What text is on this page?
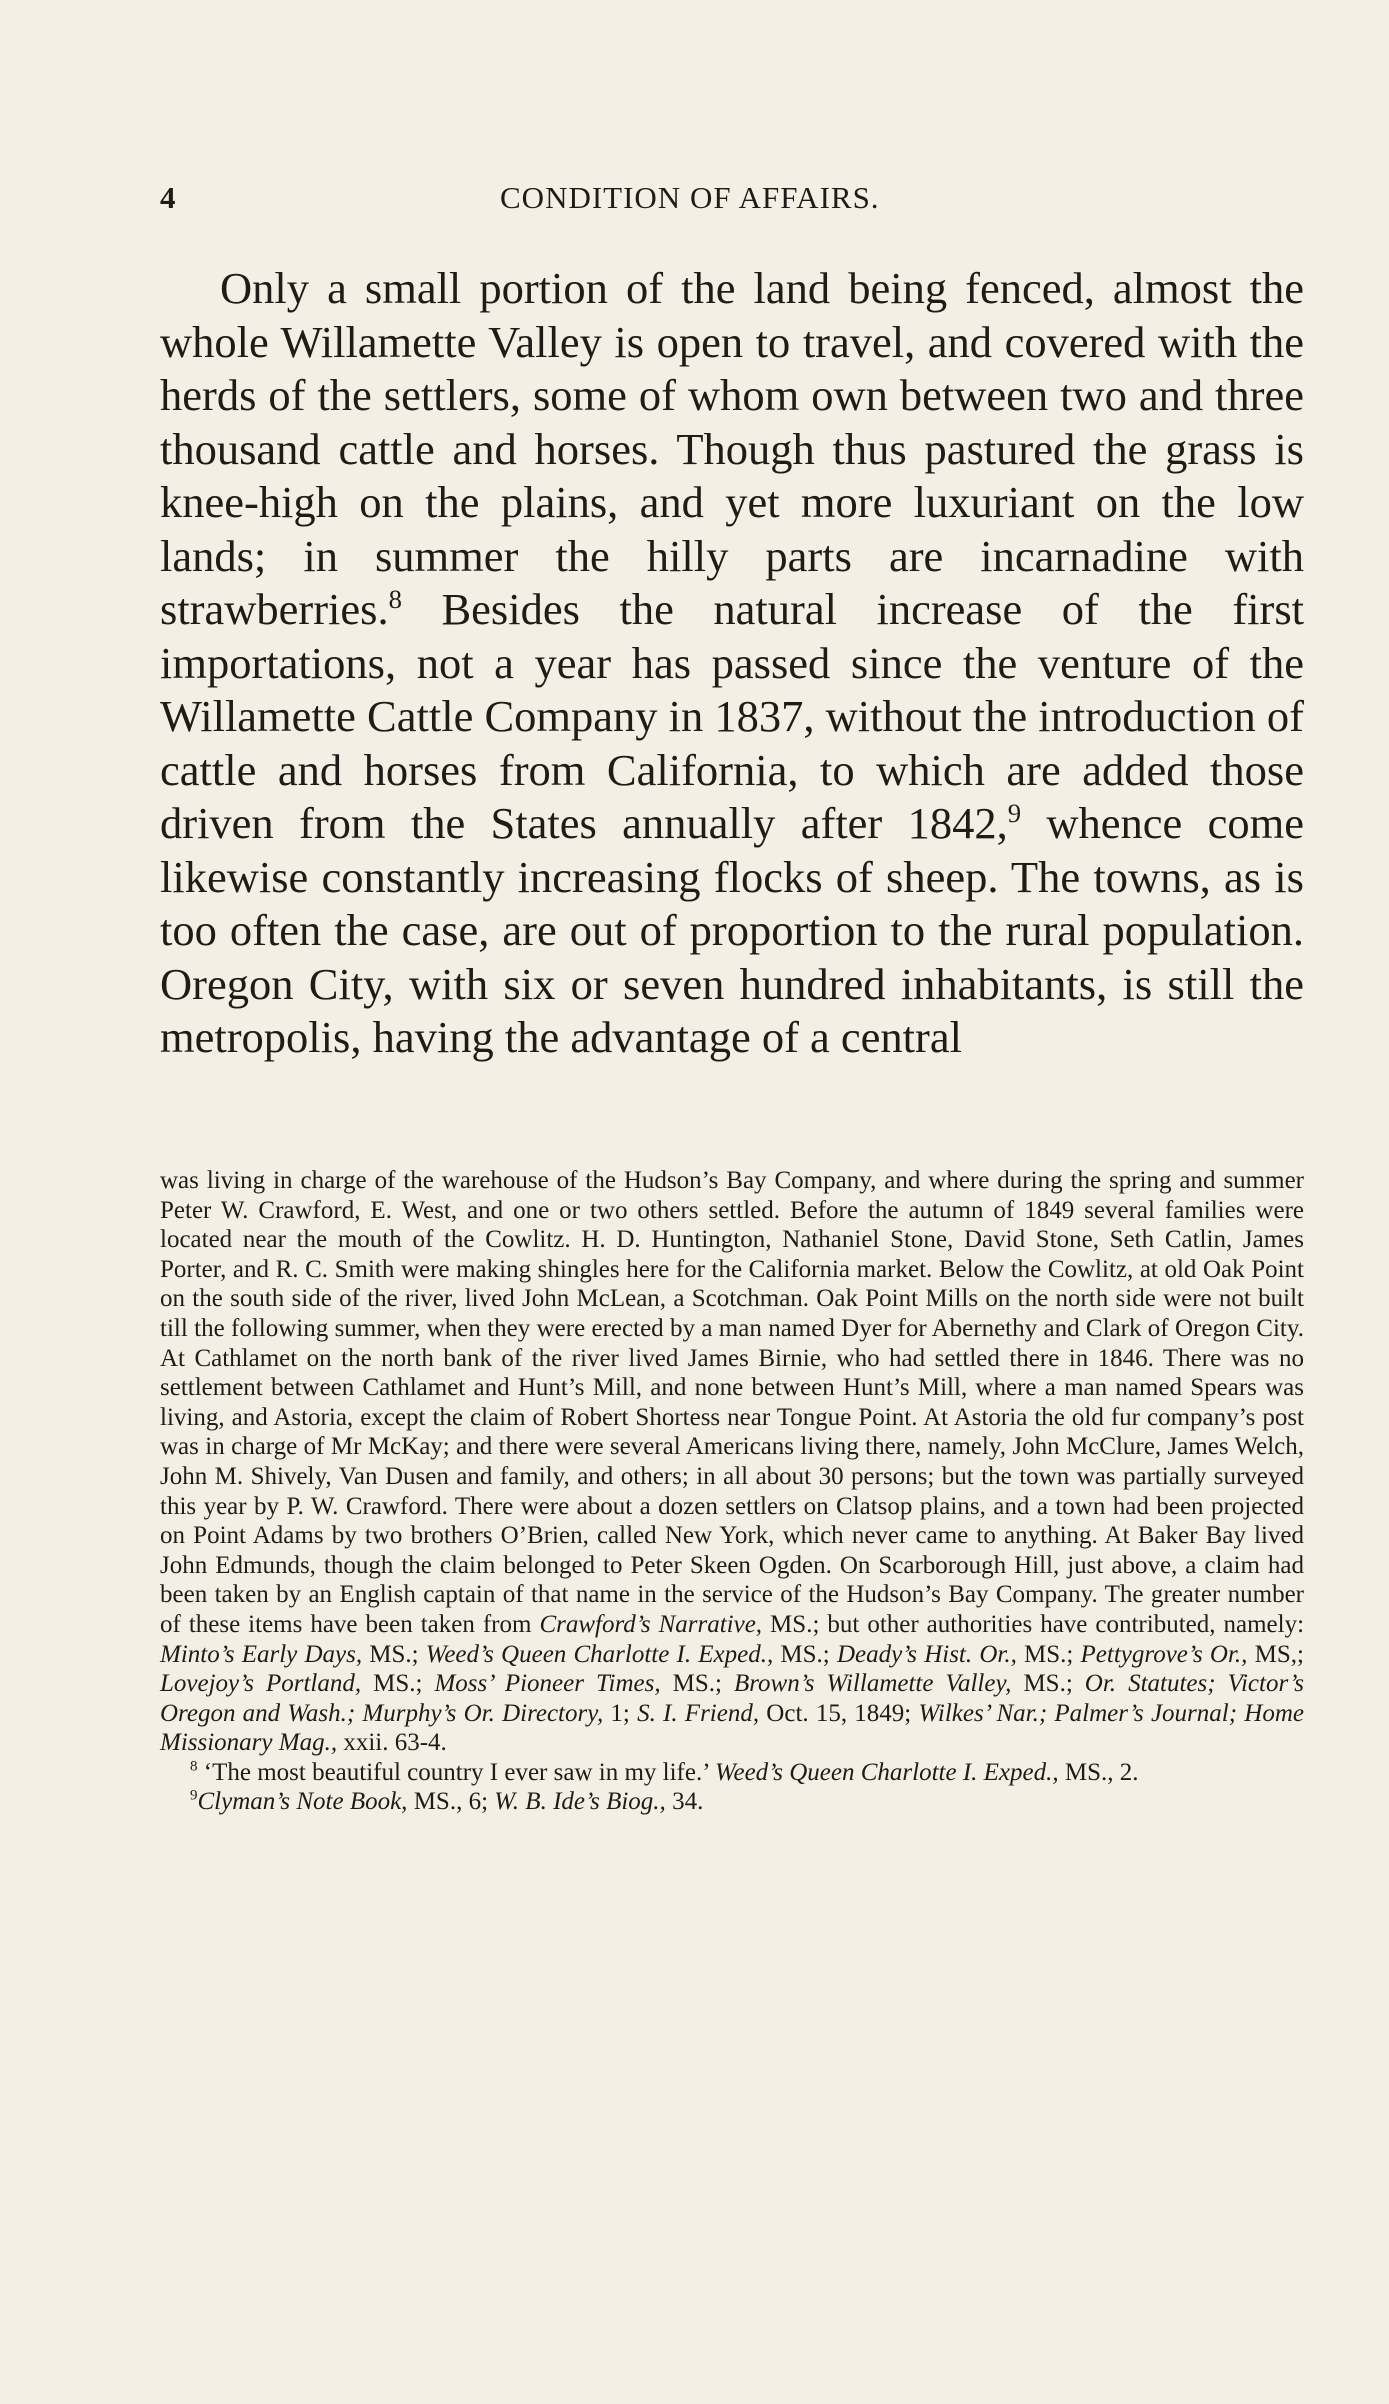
4	CONDITION OF AFFAIRS.

Only a small portion of the land being fenced, almost the whole Willamette Valley is open to travel, and covered with the herds of the settlers, some of whom own between two and three thousand cattle and horses. Though thus pastured the grass is knee-high on the plains, and yet more luxuriant on the low lands; in summer the hilly parts are incarnadine with strawberries.$^8$ Besides the natural increase of the first importations, not a year has passed since the venture of the Willamette Cattle Company in 1837, without the introduction of cattle and horses from California, to which are added those driven from the States annually after 1842,$^9$ whence come likewise constantly increasing flocks of sheep. The towns, as is too often the case, are out of proportion to the rural population. Oregon City, with six or seven hundred inhabitants, is still the metropolis, having the advantage of a central

was living in charge of the warehouse of the Hudson’s Bay Company, and where during the spring and summer Peter W. Crawford, E. West, and one or two others settled. Before the autumn of 1849 several families were located near the mouth of the Cowlitz. H. D. Huntington, Nathaniel Stone, David Stone, Seth Catlin, James Porter, and R. C. Smith were making shingles here for the California market. Below the Cowlitz, at old Oak Point on the south side of the river, lived John McLean, a Scotchman. Oak Point Mills on the north side were not built till the following summer, when they were erected by a man named Dyer for Abernethy and Clark of Oregon City. At Cathlamet on the north bank of the river lived James Birnie, who had settled there in 1846. There was no settlement between Cathlamet and Hunt’s Mill, and none between Hunt’s Mill, where a man named Spears was living, and Astoria, except the claim of Robert Shortess near Tongue Point. At Astoria the old fur company’s post was in charge of Mr McKay; and there were several Americans living there, namely, John McClure, James Welch, John M. Shively, Van Dusen and family, and others; in all about 30 persons; but the town was partially surveyed this year by P. W. Crawford. There were about a dozen settlers on Clatsop plains, and a town had been projected on Point Adams by two brothers O’Brien, called New York, which never came to anything. At Baker Bay lived John Edmunds, though the claim belonged to Peter Skeen Ogden. On Scarborough Hill, just above, a claim had been taken by an English captain of that name in the service of the Hudson’s Bay Company. The greater number of these items have been taken from Crawford’s Narrative, MS.; but other authorities have contributed, namely: Minto’s Early Days, MS.; Weed’s Queen Charlotte I. Exped., MS.; Deady’s Hist. Or., MS.; Pettygrove’s Or., MS,; Lovejoy’s Portland, MS.; Moss’ Pioneer Times, MS.; Brown’s Willamette Valley, MS.; Or. Statutes; Victor’s Oregon and Wash.; Murphy’s Or. Directory, 1; S. I. Friend, Oct. 15, 1849; Wilkes’ Nar.; Palmer’s Journal; Home Missionary Mag., xxii. 63-4.

$^8$ ‘The most beautiful country I ever saw in my life.’ Weed’s Queen Charlotte I. Exped., MS., 2.

$^9$Clyman’s Note Book, MS., 6; W. B. Ide’s Biog., 34.
